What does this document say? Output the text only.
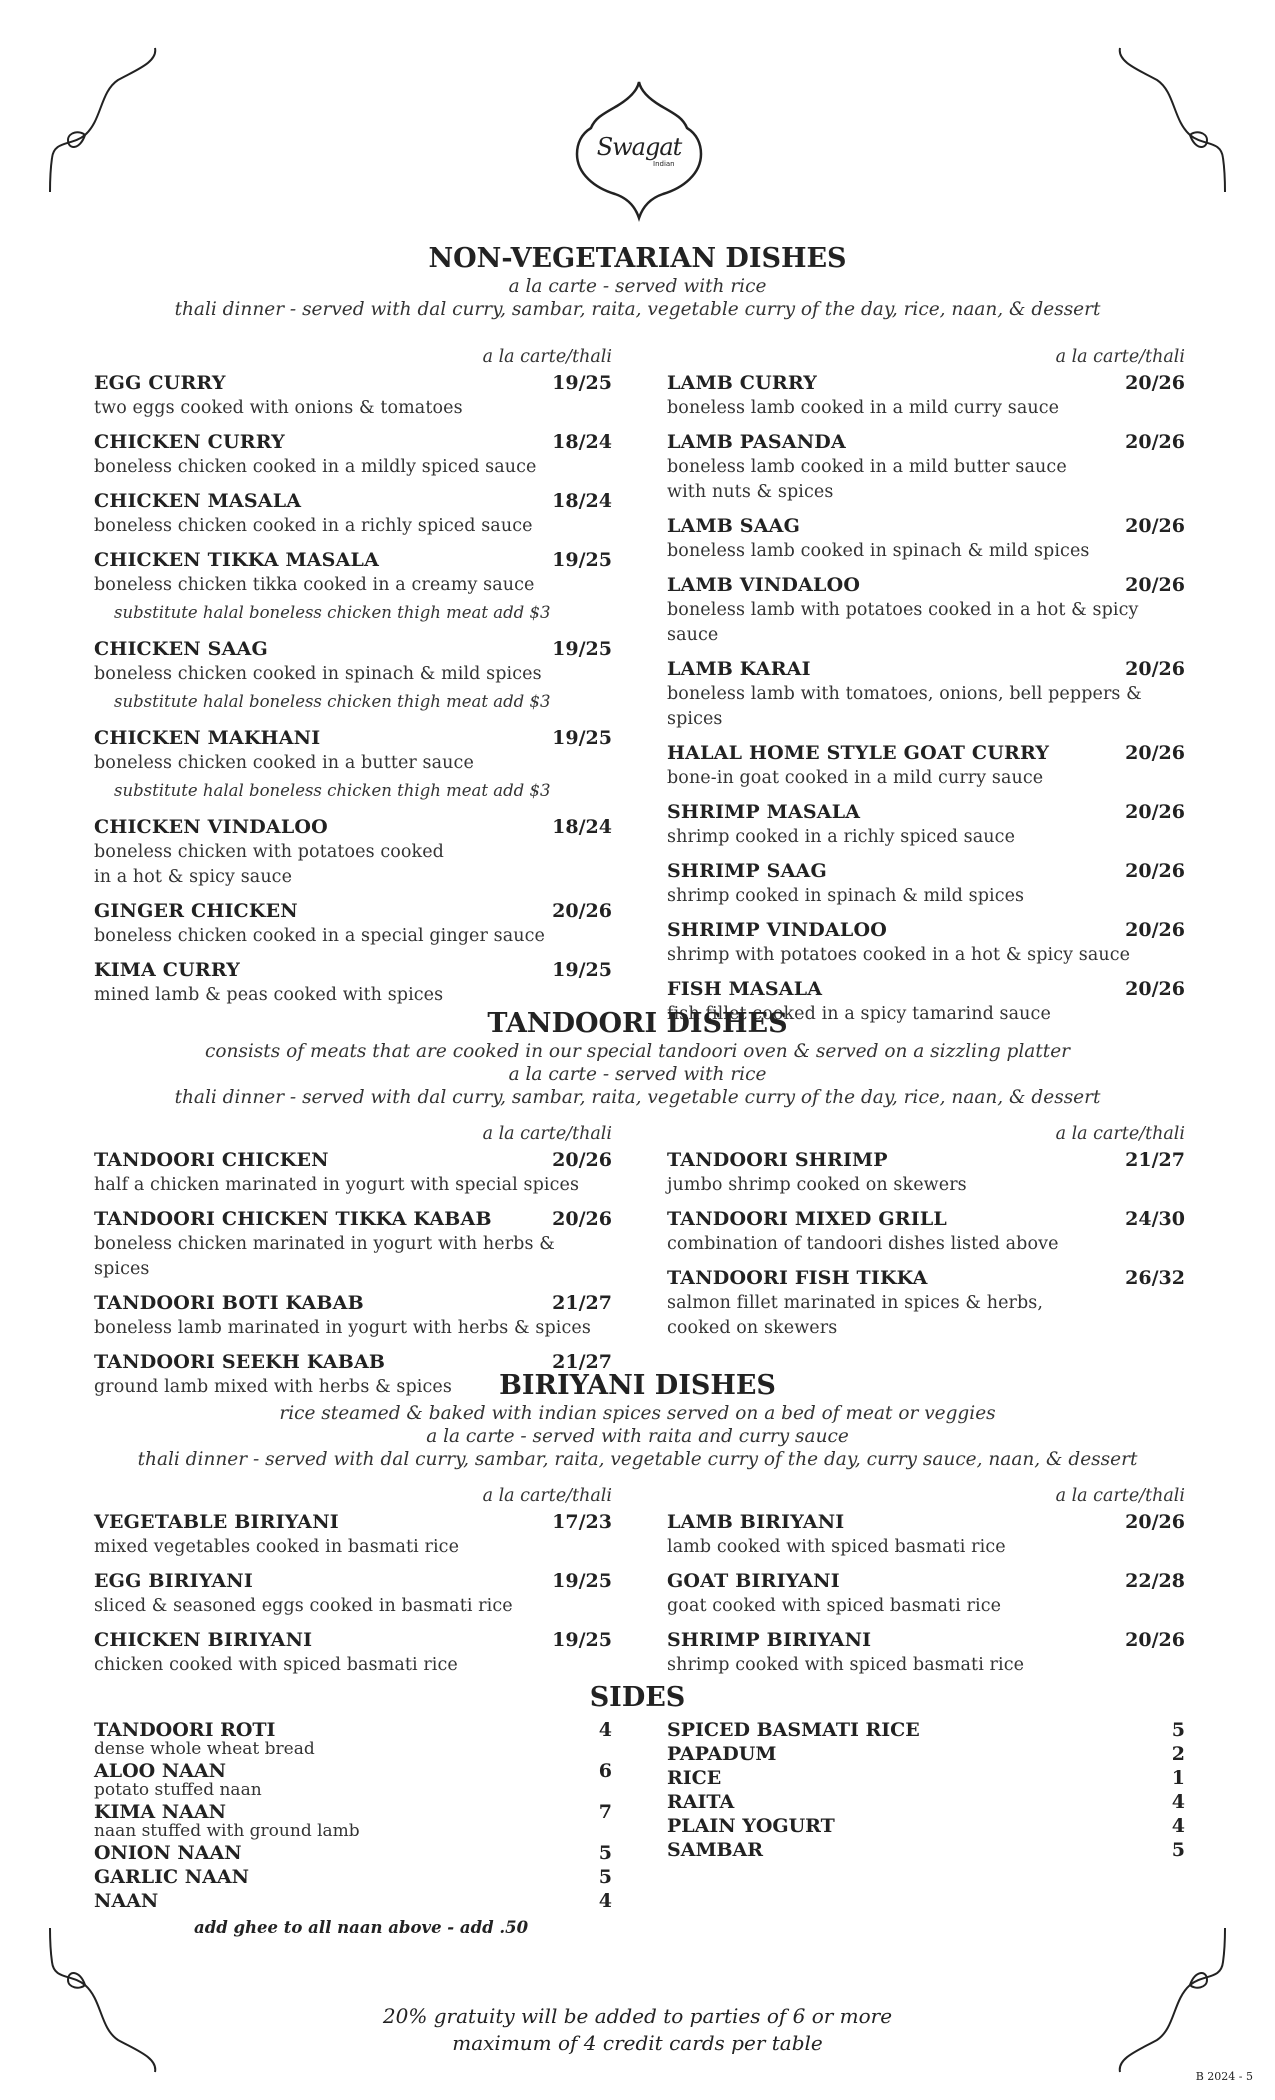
Swagat
Indian
NON-VEGETARIAN DISHES

a la carte - served with rice

thali dinner - served with dal curry, sambar, raita, vegetable curry of the day, rice, naan, & dessert

a la carte/thali
EGG CURRY	19/25
two eggs cooked with onions & tomatoes
CHICKEN CURRY	18/24
boneless chicken cooked in a mildly spiced sauce
CHICKEN MASALA	18/24
boneless chicken cooked in a richly spiced sauce
CHICKEN TIKKA MASALA	19/25
boneless chicken tikka cooked in a creamy sauce
substitute halal boneless chicken thigh meat add $3
CHICKEN SAAG	19/25
boneless chicken cooked in spinach & mild spices
substitute halal boneless chicken thigh meat add $3
CHICKEN MAKHANI	19/25
boneless chicken cooked in a butter sauce
substitute halal boneless chicken thigh meat add $3
CHICKEN VINDALOO	18/24
boneless chicken with potatoes cooked
in a hot & spicy sauce
GINGER CHICKEN	20/26
boneless chicken cooked in a special ginger sauce
KIMA CURRY	19/25
mined lamb & peas cooked with spices
a la carte/thali
LAMB CURRY	20/26
boneless lamb cooked in a mild curry sauce
LAMB PASANDA	20/26
boneless lamb cooked in a mild butter sauce
with nuts & spices
LAMB SAAG	20/26
boneless lamb cooked in spinach & mild spices
LAMB VINDALOO	20/26
boneless lamb with potatoes cooked in a hot & spicy sauce
LAMB KARAI	20/26
boneless lamb with tomatoes, onions, bell peppers & spices
HALAL HOME STYLE GOAT CURRY	20/26
bone-in goat cooked in a mild curry sauce
SHRIMP MASALA	20/26
shrimp cooked in a richly spiced sauce
SHRIMP SAAG	20/26
shrimp cooked in spinach & mild spices
SHRIMP VINDALOO	20/26
shrimp with potatoes cooked in a hot & spicy sauce
FISH MASALA	20/26
fish fillet cooked in a spicy tamarind sauce
TANDOORI DISHES

consists of meats that are cooked in our special tandoori oven & served on a sizzling platter

a la carte - served with rice

thali dinner - served with dal curry, sambar, raita, vegetable curry of the day, rice, naan, & dessert

a la carte/thali
TANDOORI CHICKEN	20/26
half a chicken marinated in yogurt with special spices
TANDOORI CHICKEN TIKKA KABAB	20/26
boneless chicken marinated in yogurt with herbs & spices
TANDOORI BOTI KABAB	21/27
boneless lamb marinated in yogurt with herbs & spices
TANDOORI SEEKH KABAB	21/27
ground lamb mixed with herbs & spices
a la carte/thali
TANDOORI SHRIMP	21/27
jumbo shrimp cooked on skewers
TANDOORI MIXED GRILL	24/30
combination of tandoori dishes listed above
TANDOORI FISH TIKKA	26/32
salmon fillet marinated in spices & herbs,
cooked on skewers
BIRIYANI DISHES

rice steamed & baked with indian spices served on a bed of meat or veggies

a la carte - served with raita and curry sauce

thali dinner - served with dal curry, sambar, raita, vegetable curry of the day, curry sauce, naan, & dessert

a la carte/thali
VEGETABLE BIRIYANI	17/23
mixed vegetables cooked in basmati rice
EGG BIRIYANI	19/25
sliced & seasoned eggs cooked in basmati rice
CHICKEN BIRIYANI	19/25
chicken cooked with spiced basmati rice
a la carte/thali
LAMB BIRIYANI	20/26
lamb cooked with spiced basmati rice
GOAT BIRIYANI	22/28
goat cooked with spiced basmati rice
SHRIMP BIRIYANI	20/26
shrimp cooked with spiced basmati rice
SIDES
TANDOORI ROTI	4
dense whole wheat bread
ALOO NAAN	6
potato stuffed naan
KIMA NAAN	7
naan stuffed with ground lamb
ONION NAAN	5
GARLIC NAAN	5
NAAN	4
add ghee to all naan above - add .50
SPICED BASMATI RICE	5
PAPADUM	2
RICE	1
RAITA	4
PLAIN YOGURT	4
SAMBAR	5
20% gratuity will be added to parties of 6 or more
maximum of 4 credit cards per table
B 2024 - 5
